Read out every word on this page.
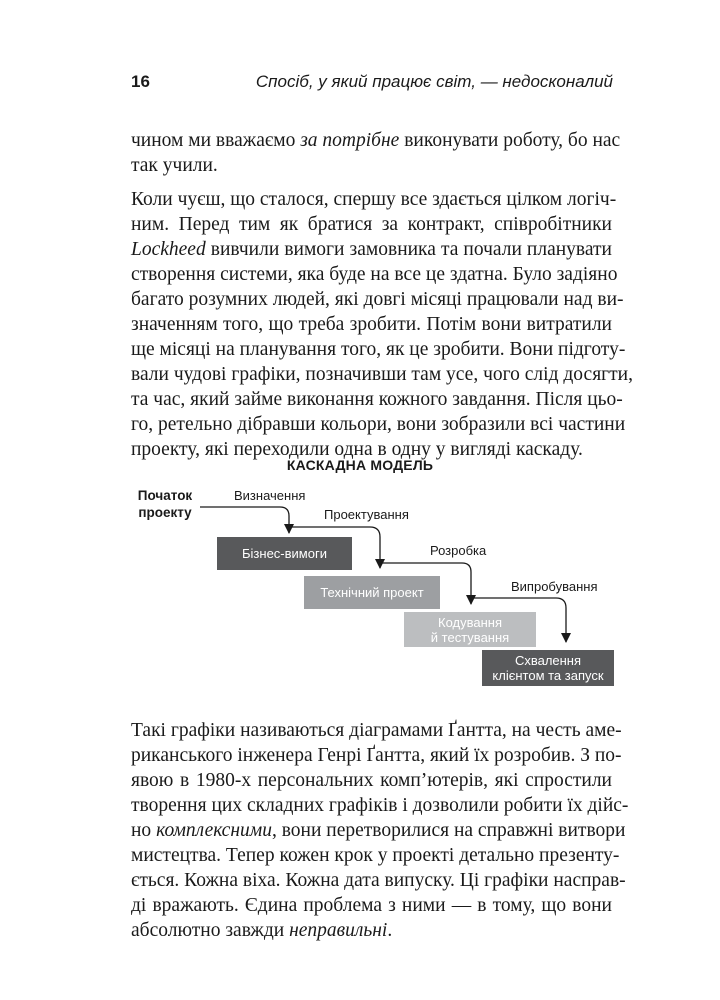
16	Спосіб, у який працює світ, — недосконалий
чином ми вважаємо за потрібне виконувати роботу, бо нас
так учили.
Коли чуєш, що сталося, спершу все здається цілком логіч-
ним. Перед тим як братися за контракт, співробітники
Lockheed вивчили вимоги замовника та почали планувати
створення системи, яка буде на все це здатна. Було задіяно
багато розумних людей, які довгі місяці працювали над ви-
значенням того, що треба зробити. Потім вони витратили
ще місяці на планування того, як це зробити. Вони підготу-
вали чудові графіки, позначивши там усе, чого слід досягти,
та час, який займе виконання кожного завдання. Після цьо-
го, ретельно дібравши кольори, вони зобразили всі частини
проекту, які переходили одна в одну у вигляді каскаду.
КАСКАДНА МОДЕЛЬ
Початок
проекту
Визначення
Проектування
Розробка
Випробування
Бізнес-вимоги
Технічний проект
Кодування
й тестування
Схвалення
клієнтом та запуск
Такі графіки називаються діаграмами Ґантта, на честь аме-
риканського інженера Генрі Ґантта, який їх розробив. З по-
явою в 1980-х персональних комп’ютерів, які спростили
творення цих складних графіків і дозволили робити їх дійс-
но комплексними, вони перетворилися на справжні витвори
мистецтва. Тепер кожен крок у проекті детально презенту-
ється. Кожна віха. Кожна дата випуску. Ці графіки насправ-
ді вражають. Єдина проблема з ними — в тому, що вони
абсолютно завжди неправильні.
